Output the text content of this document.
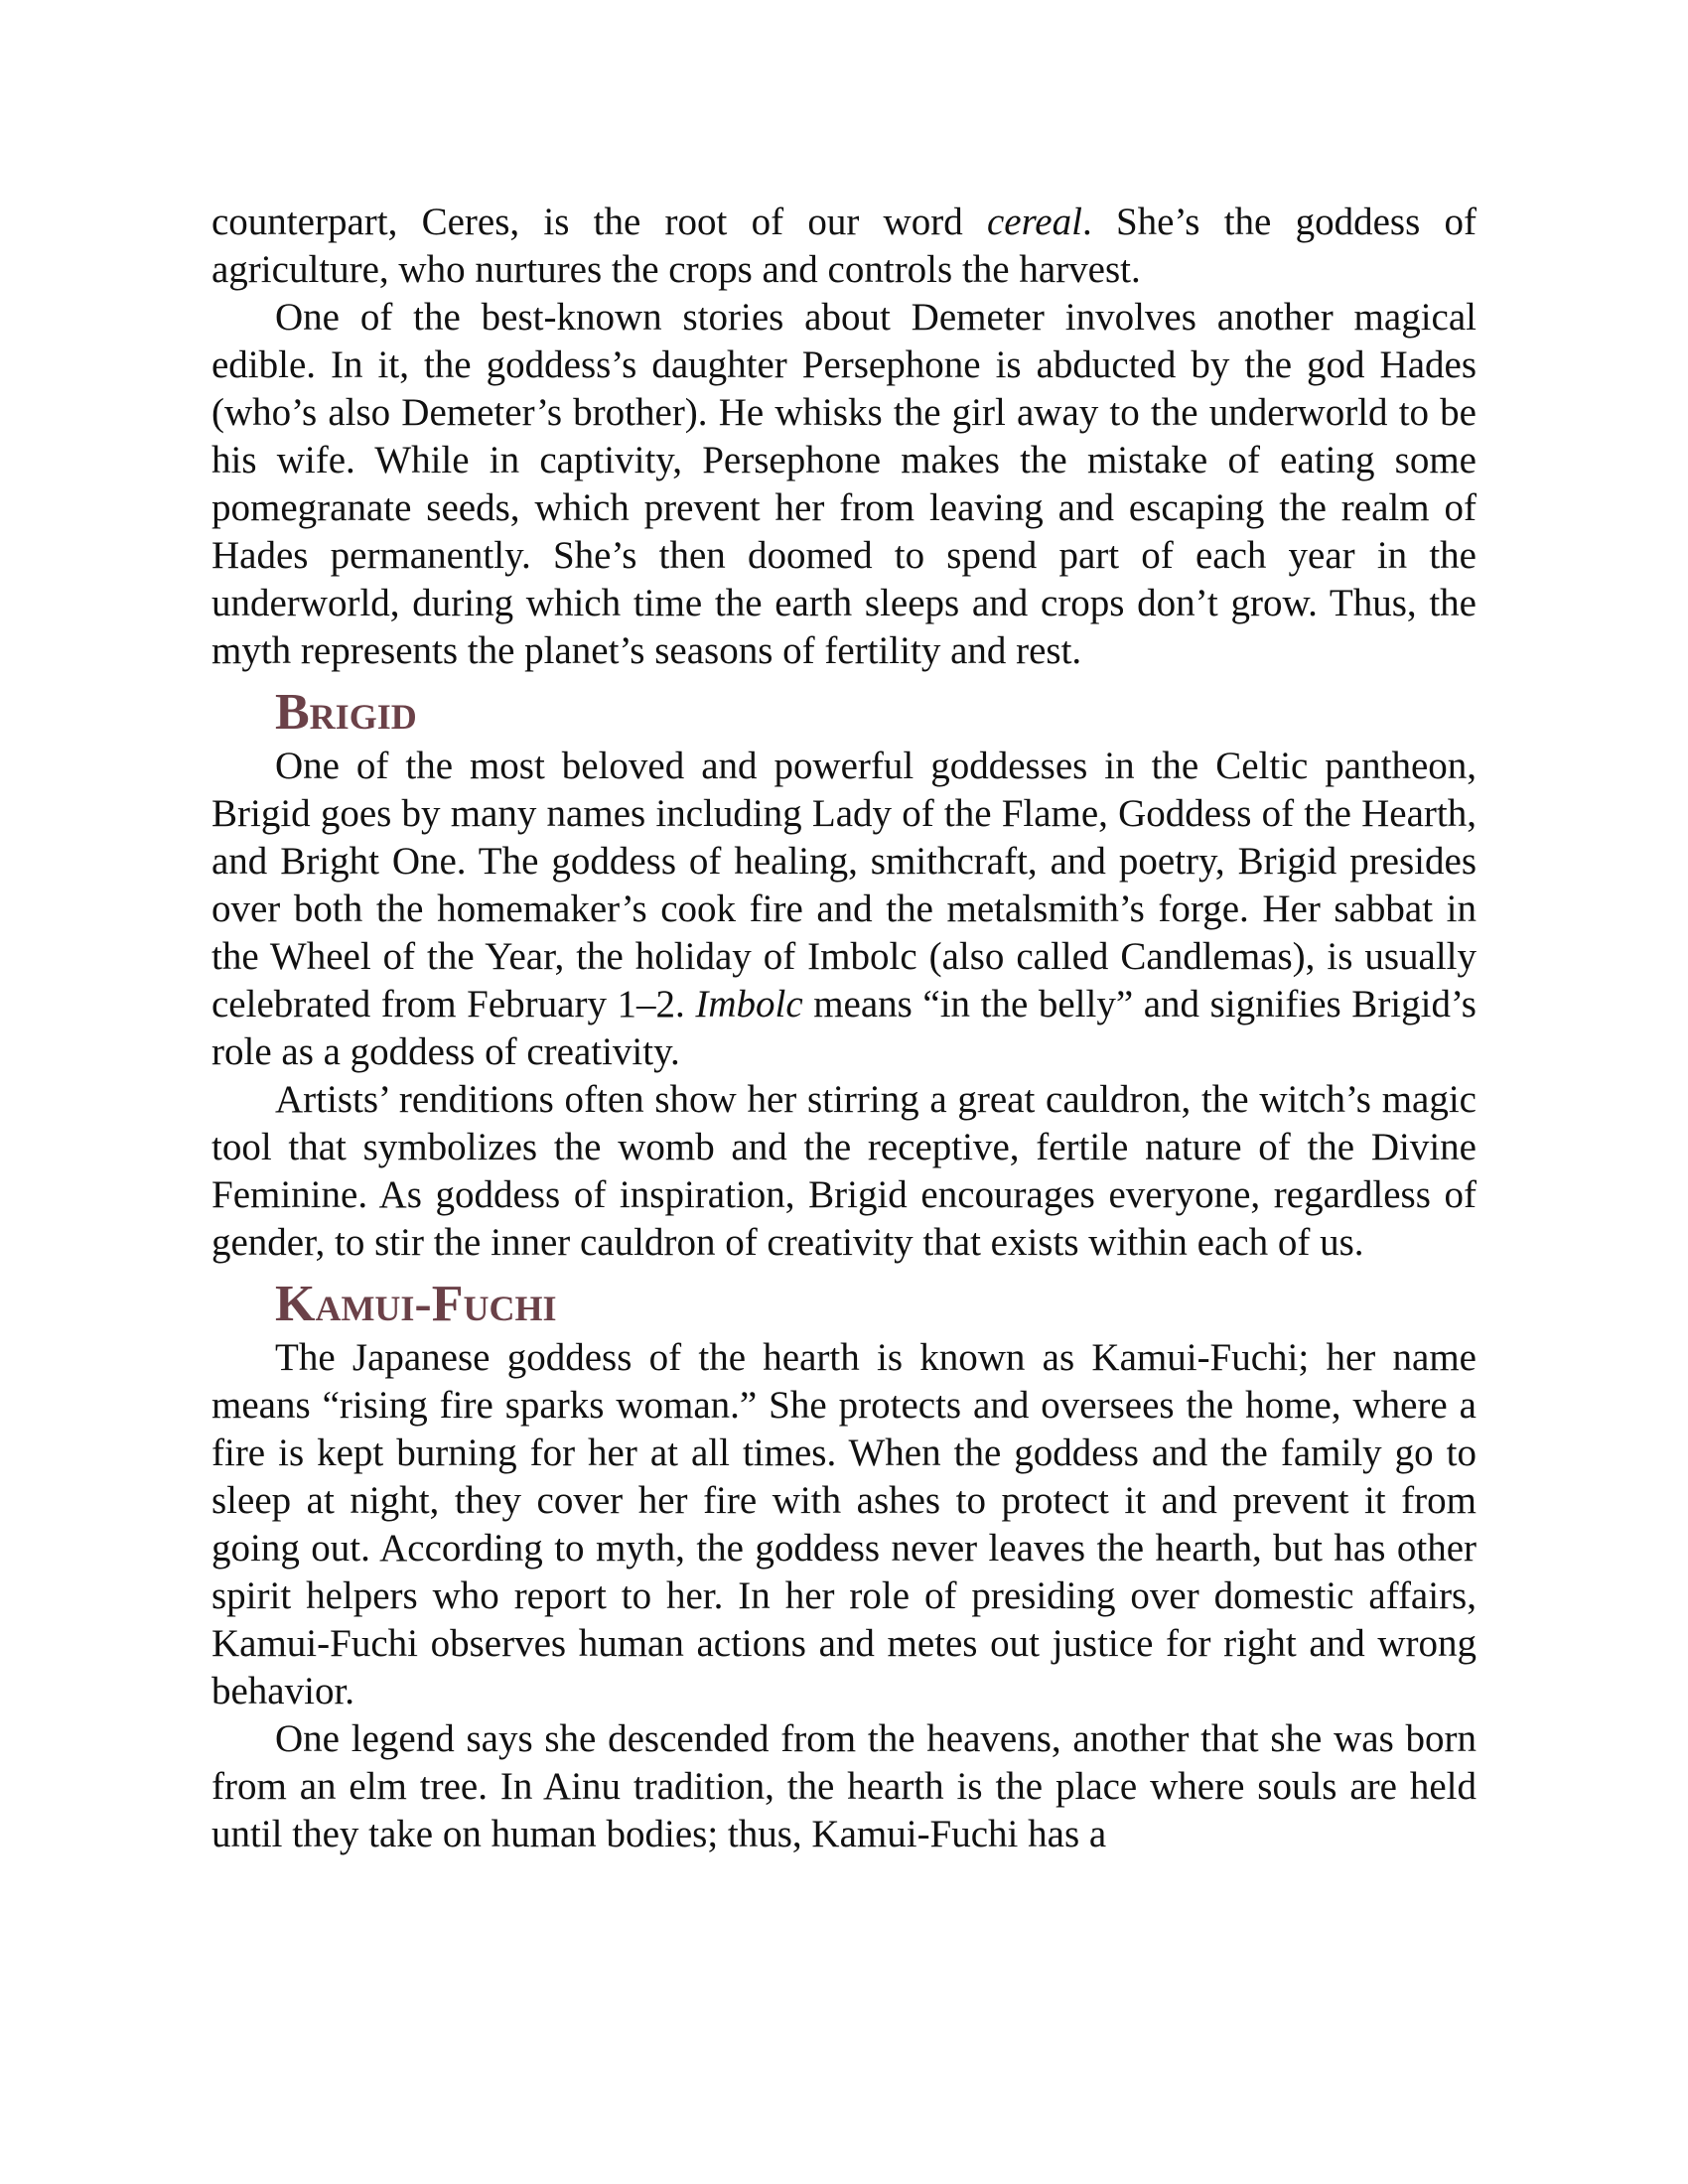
counterpart, Ceres, is the root of our word cereal. She’s the goddess of agriculture, who nurtures the crops and controls the harvest.

One of the best-known stories about Demeter involves another magical edible. In it, the goddess’s daughter Persephone is abducted by the god Hades (who’s also Demeter’s brother). He whisks the girl away to the underworld to be his wife. While in captivity, Persephone makes the mistake of eating some pomegranate seeds, which prevent her from leaving and escaping the realm of Hades permanently. She’s then doomed to spend part of each year in the underworld, during which time the earth sleeps and crops don’t grow. Thus, the myth represents the planet’s seasons of fertility and rest.

Brigid

One of the most beloved and powerful goddesses in the Celtic pantheon, Brigid goes by many names including Lady of the Flame, Goddess of the Hearth, and Bright One. The goddess of healing, smithcraft, and poetry, Brigid presides over both the homemaker’s cook fire and the metalsmith’s forge. Her sabbat in the Wheel of the Year, the holiday of Imbolc (also called Candlemas), is usually celebrated from February 1–2. Imbolc means “in the belly” and signifies Brigid’s role as a goddess of creativity.

Artists’ renditions often show her stirring a great cauldron, the witch’s magic tool that symbolizes the womb and the receptive, fertile nature of the Divine Feminine. As goddess of inspiration, Brigid encourages everyone, regardless of gender, to stir the inner cauldron of creativity that exists within each of us.

Kamui-Fuchi

The Japanese goddess of the hearth is known as Kamui-Fuchi; her name means “rising fire sparks woman.” She protects and oversees the home, where a fire is kept burning for her at all times. When the goddess and the family go to sleep at night, they cover her fire with ashes to protect it and prevent it from going out. According to myth, the goddess never leaves the hearth, but has other spirit helpers who report to her. In her role of presiding over domestic affairs, Kamui-Fuchi observes human actions and metes out justice for right and wrong behavior.

One legend says she descended from the heavens, another that she was born from an elm tree. In Ainu tradition, the hearth is the place where souls are held until they take on human bodies; thus, Kamui-Fuchi has a
